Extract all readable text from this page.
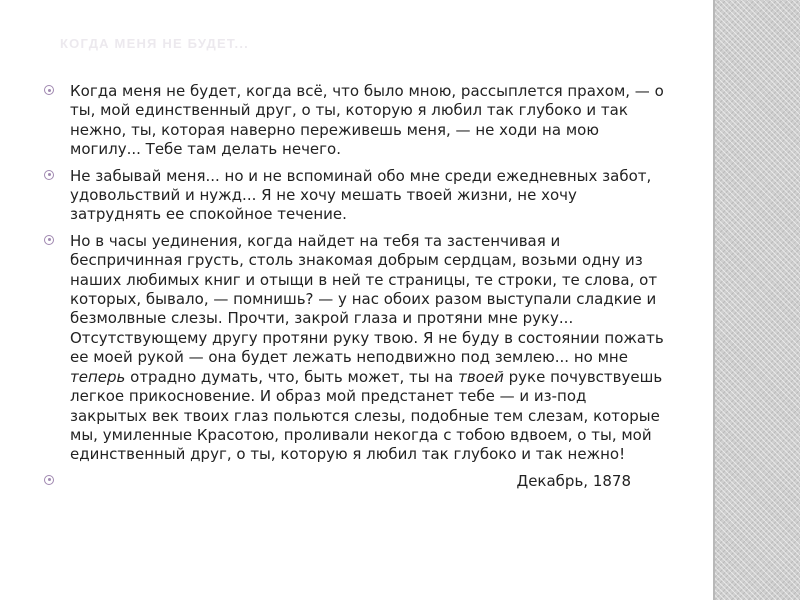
КОГДА МЕНЯ НЕ БУДЕТ...
Когда меня не будет, когда всё, что было мною, рассыплется прахом, — о ты, мой единственный друг, о ты, которую я любил так глубоко и так нежно, ты, которая наверно переживешь меня, — не ходи на мою могилу... Тебе там делать нечего.
Не забывай меня... но и не вспоминай обо мне среди ежедневных забот, удовольствий и нужд... Я не хочу мешать твоей жизни, не хочу затруднять ее спокойное течение.
Но в часы уединения, когда найдет на тебя та застенчивая и беспричинная грусть, столь знакомая добрым сердцам, возьми одну из наших любимых книг и отыщи в ней те страницы, те строки, те слова, от которых, бывало, — помнишь? — у нас обоих разом выступали сладкие и безмолвные слезы. Прочти, закрой глаза и протяни мне руку... Отсутствующему другу протяни руку твою. Я не буду в состоянии пожать ее моей рукой — она будет лежать неподвижно под землею... но мне теперь отрадно думать, что, быть может, ты на твоей руке почувствуешь легкое прикосновение. И образ мой предстанет тебе — и из-под закрытых век твоих глаз польются слезы, подобные тем слезам, которые мы, умиленные Красотою, проливали некогда с тобою вдвоем, о ты, мой единственный друг, о ты, которую я любил так глубоко и так нежно!
Декабрь, 1878
